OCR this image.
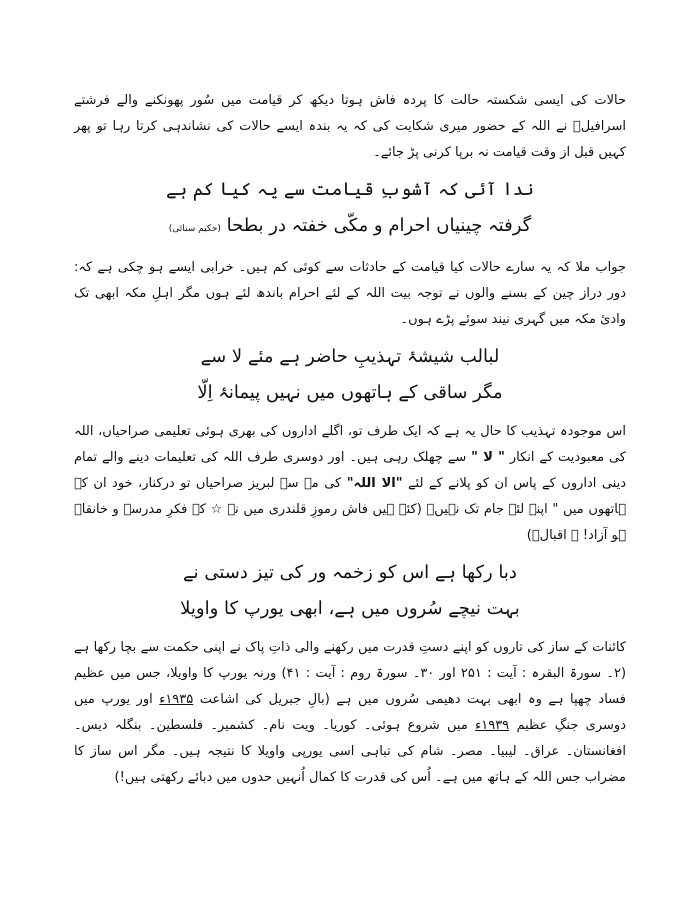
حالات کی ایسی شکستہ حالت کا پردہ فاش ہوتا دیکھ کر قیامت میں سُور پھونکنے والے فرشتے اسرافیلؑ نے اللہ کے حضور میری شکایت کی کہ یہ بندہ ایسے حالات کی نشاندہی کرتا رہا تو پھر کہیں قبل از وقت قیامت نہ برپا کرنی پڑ جائے۔

ندا آئی کہ آشوبِ قیامت سے یہ کیا کم ہے

گرفتہ چینیاں احرام و مکّی خفتہ در بطحا (حکیم سنائی)

جواب ملا کہ یہ سارے حالات کیا قیامت کے حادثات سے کوئی کم ہیں۔ خرابی ایسے ہو چکی ہے کہ: دور دراز چین کے بسنے والوں نے توجہ بیت اللہ کے لئے احرام باندھ لئے ہوں مگر اہلِ مکہ ابھی تک وادئ مکہ میں گہری نیند سوئے پڑے ہوں۔

لبالب شیشۂ تہذیبِ حاضر ہے مئے لا سے

مگر ساقی کے ہاتھوں میں نہیں پیمانۂ اِلّا

اس موجودہ تہذیب کا حال یہ ہے کہ ایک طرف تو، اگلے اداروں کی بھری ہوئی تعلیمی صراحیاں، اللہ کی معبودیت کے انکار " لا " سے چھلک رہی ہیں۔ اور دوسری طرف اللہ کی تعلیمات دینے والے تمام دینی اداروں کے پاس ان کو پلانے کے لئے "الا اللہ" کی مے سے لبریز صراحیاں تو درکنار، خود ان کے ہاتھوں میں " اپنے لئے جام تک نہیں۔ (کئے ہیں فاش رموزِ قلندری میں نے ☆ کہ فکرِ مدرسہ و خانقاہ ہو آزاد! ۔ اقبالؔ)

دبا رکھا ہے اس کو زخمہ ور کی تیز دستی نے

بہت نیچے سُروں میں ہے، ابھی یورپ کا واویلا

کائنات کے ساز کی تاروں کو اپنے دستِ قدرت میں رکھنے والی ذاتِ پاک نے اپنی حکمت سے بچا رکھا ہے (۲۔ سورۃ البقرہ : آیت : ۲۵۱ اور ۳۰۔ سورۃ روم : آیت : ۴۱) ورنہ یورپ کا واویلا، جس میں عظیم فساد چھپا ہے وہ ابھی بہت دھیمی سُروں میں ہے (بالِ جبریل کی اشاعت ۱۹۳۵ء اور یورپ میں دوسری جنگِ عظیم ۱۹۳۹ء میں شروع ہوئی۔ کوریا۔ ویت نام۔ کشمیر۔ فلسطین۔ بنگلہ دیس۔ افغانستان۔ عراق۔ لیبیا۔ مصر۔ شام کی تباہی اسی یورپی واویلا کا نتیجہ ہیں۔ مگر اس ساز کا مضراب جس اللہ کے ہاتھ میں ہے۔ اُس کی قدرت کا کمال اُنہیں حدوں میں دبائے رکھتی ہیں!)
